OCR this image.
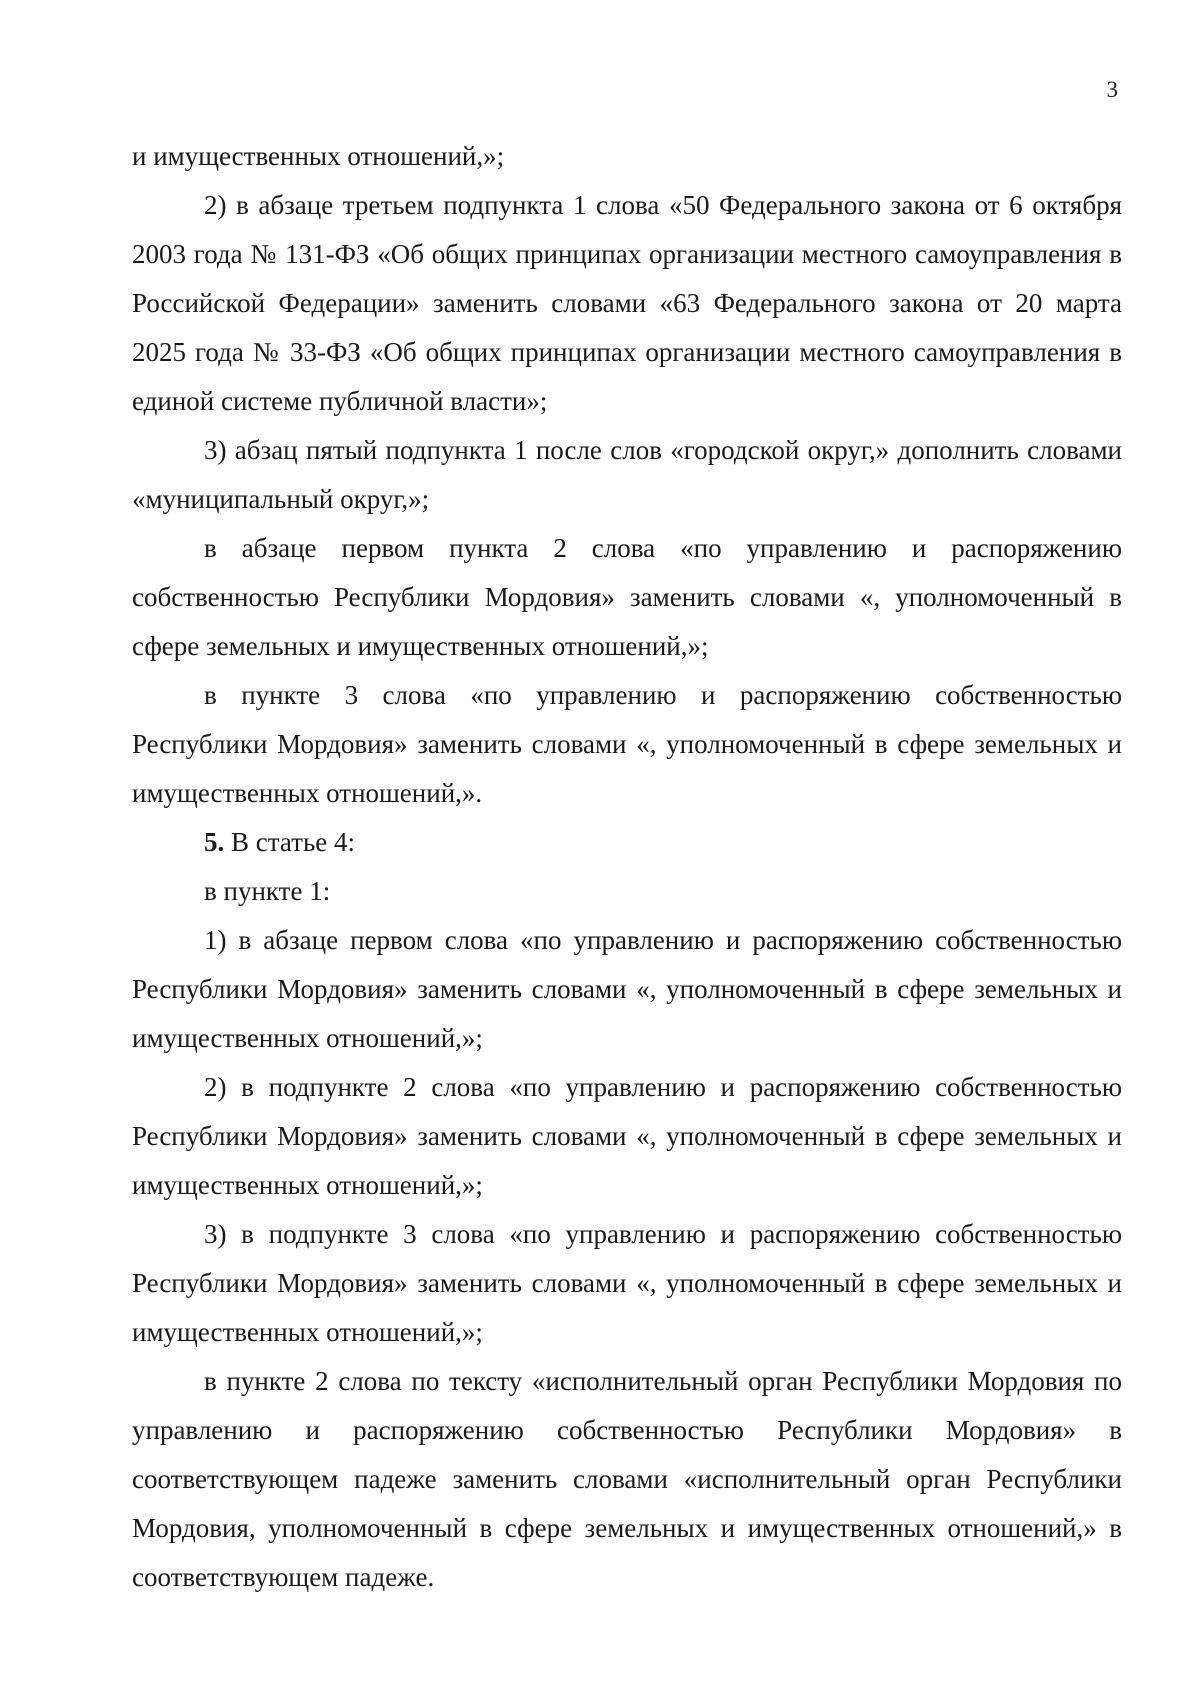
3

и имущественных отношений,»;

2) в абзаце третьем подпункта 1 слова «50 Федерального закона от 6 октября 2003 года № 131-ФЗ «Об общих принципах организации местного самоуправления в Российской Федерации» заменить словами «63 Федерального закона от 20 марта 2025 года № 33-ФЗ «Об общих принципах организации местного самоуправления в единой системе публичной власти»;

3) абзац пятый подпункта 1 после слов «городской округ,» дополнить словами «муниципальный округ,»;

в абзаце первом пункта 2 слова «по управлению и распоряжению собственностью Республики Мордовия» заменить словами «, уполномоченный в сфере земельных и имущественных отношений,»;

в пункте 3 слова «по управлению и распоряжению собственностью Республики Мордовия» заменить словами «, уполномоченный в сфере земельных и имущественных отношений,».

5. В статье 4:

в пункте 1:

1) в абзаце первом слова «по управлению и распоряжению собственностью Республики Мордовия» заменить словами «, уполномоченный в сфере земельных и имущественных отношений,»;

2) в подпункте 2 слова «по управлению и распоряжению собственностью Республики Мордовия» заменить словами «, уполномоченный в сфере земельных и имущественных отношений,»;

3) в подпункте 3 слова «по управлению и распоряжению собственностью Республики Мордовия» заменить словами «, уполномоченный в сфере земельных и имущественных отношений,»;

в пункте 2 слова по тексту «исполнительный орган Республики Мордовия по управлению и распоряжению собственностью Республики Мордовия» в соответствующем падеже заменить словами «исполнительный орган Республики Мордовия, уполномоченный в сфере земельных и имущественных отношений,» в соответствующем падеже.
